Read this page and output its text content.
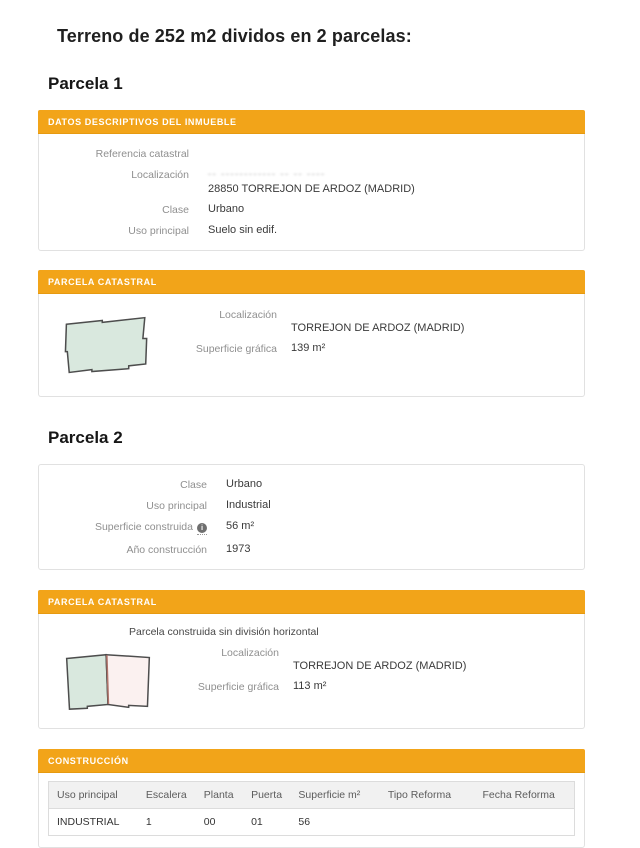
Terreno de 252 m2 dividos en 2 parcelas:
Parcela 1
DATOS DESCRIPTIVOS DEL INMUEBLE
Referencia catastral
Localización -- ------------ -- -- ----
28850 TORREJON DE ARDOZ (MADRID)
Clase Urbano
Uso principal Suelo sin edif.
PARCELA CATASTRAL
Localización
TORREJON DE ARDOZ (MADRID)
Superficie gráfica 139 m²
Parcela 2
Clase Urbano
Uso principal Industrial
Superficie construida i	56 m²
Año construcción 1973
PARCELA CATASTRAL
Parcela construida sin división horizontal
Localización
TORREJON DE ARDOZ (MADRID)
Superficie gráfica 113 m²
CONSTRUCCIÓN
Uso principal	Escalera	Planta	Puerta	Superficie m²	Tipo Reforma	Fecha Reforma
INDUSTRIAL	1	00	01	56		
